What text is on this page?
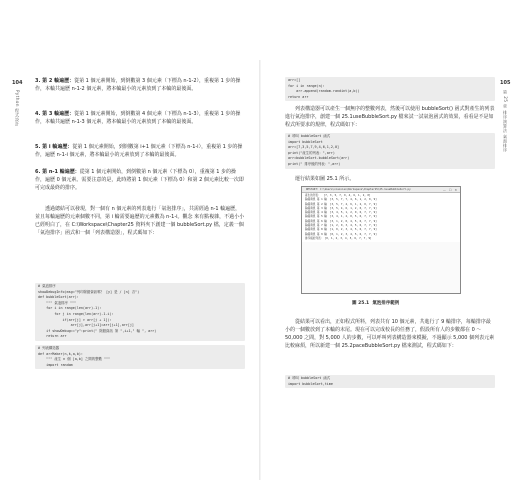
104
Python 程式設計
3. 第 2 輪遍歷：從第 1 個元素開始，到倒數第 3 個元素（下標為 n-1-2），重複第 1 步的操作，本輪共遍歷 n-1-2 個元素，將本輪最小的元素放到了本輪的最後面。
4. 第 3 輪遍歷：從第 1 個元素開始，到倒數第 4 個元素（下標為 n-1-3），重複第 1 步的操作，本輪共遍歷 n-1-3 個元素，將本輪最小的元素放到了本輪的最後面。
5. 第 i 輪遍歷：從第 1 個元素開始，到倒數第 i+1 個元素（下標為 n-1-i），重複第 1 步的操作，遍歷 n-1-i 個元素，將本輪最小的元素放到了本輪的最後面。
6. 第 n-1 輪遍歷：從第 1 個元素開始，到倒數第 n 個元素（下標為 0），重複第 1 步的操作，遍歷 0 個元素。需要注意的是，此時將第 1 個元素（下標為 0）和第 2 個元素比較一次即可完成最終的排序。
透過總結可以發現，對一個有 n 個元素的列表進行「氣泡排序」，共需經過 n-1 輪遍歷，並且每輪遍歷的元素個數不同，第 i 輪需要遍歷的元素數為 n-1-i。觀念 來有點複雜，不過小小已經明白了，在 C:\Workspace\Chapter25 資料夾下創建一個 bubbleSort.py 檔，定義一個「氣泡排序」函式和一個「列表構造器」，程式碼如下：
# 氣泡排序
showDebugInfo(msg="列印除錯資訊嗎？ [y] 是 / [n] 否")
def bubbleSort(arr):
""" 氣泡排序 """
for i in range(len(arr)-1):
for j in range(len(arr)-1-i):
if(arr[j] > arr[j + 1]):
arr[j],arr[j+1]=arr[j+1],arr[j]
if showDebug=="y":print(" 除錯資訊 第 ",i+1," 輪 ", arr)
return arr
# 列表構造器
def arrMaker(n,k,a,b):
""" 產生 n 個 [a,b] 之間的整數 """
import random
105
第 25 章 排序演算法 氣泡排序
arr=[]
for i in range(n):
arr.append(random.randint(a,b))
return arr
列表構造器可以產生一個無序的整數列表，然後可以使用 bubbleSort() 函式對產生的列表進行氣泡排序，創建一個 25.1useBubbleSort.py 檔來試一試氣泡函式的效果，看看是不是如程式所要求的規律，程式碼如下：
# 呼叫 bubbleSort 函式
import bubbleSort
arr=[7,3,5,7,9,4,6,1,2,0]
print("產生的列表：",arr)
arr=bubbleSort.bubbleSort(arr)
print(" 排序後的列表：",arr)
運行結果如圖 25.1 所示。
RESTART: C:\Users\xiaoxiao\Workspace\Chapter25\25.1useBubbleSort.py	— ☐ ✕
產生的列表：  [7, 3, 5, 7, 9, 4, 6, 1, 2, 0]
除錯資訊 第 1 輪  [3, 5, 7, 7, 4, 6, 1, 2, 0, 9]
除錯資訊 第 2 輪  [3, 5, 7, 4, 6, 1, 2, 0, 7, 9]
除錯資訊 第 3 輪  [3, 5, 4, 6, 1, 2, 0, 7, 7, 9]
除錯資訊 第 4 輪  [3, 4, 5, 1, 2, 0, 6, 7, 7, 9]
除錯資訊 第 5 輪  [3, 4, 1, 2, 0, 5, 6, 7, 7, 9]
除錯資訊 第 6 輪  [3, 1, 2, 0, 4, 5, 6, 7, 7, 9]
除錯資訊 第 7 輪  [1, 2, 0, 3, 4, 5, 6, 7, 7, 9]
除錯資訊 第 8 輪  [1, 0, 2, 3, 4, 5, 6, 7, 7, 9]
除錯資訊 第 9 輪  [0, 1, 2, 3, 4, 5, 6, 7, 7, 9]
排序後的列表： [0, 1, 2, 3, 4, 5, 6, 7, 7, 9]
圖 25.1 氣泡排序範例
從結果可以看出，正如程式所料，列表共有 10 個元素，共進行了 9 輪排序，每輪排序最小的一個數放到了本輪的末尾。現在可以完成校長的任務了，假設所有人的步數都在 0 ～ 50,000 之間，對 5,000 人的步數，可以呼叫列表構造器來模擬，不過顯示 5,000 個列表元素比較麻煩，所以新建一個 25.2paceBubbleSort.py 檔來測試，程式碼如下：
# 呼叫 bubbleSort 函式
import bubbleSort,time
